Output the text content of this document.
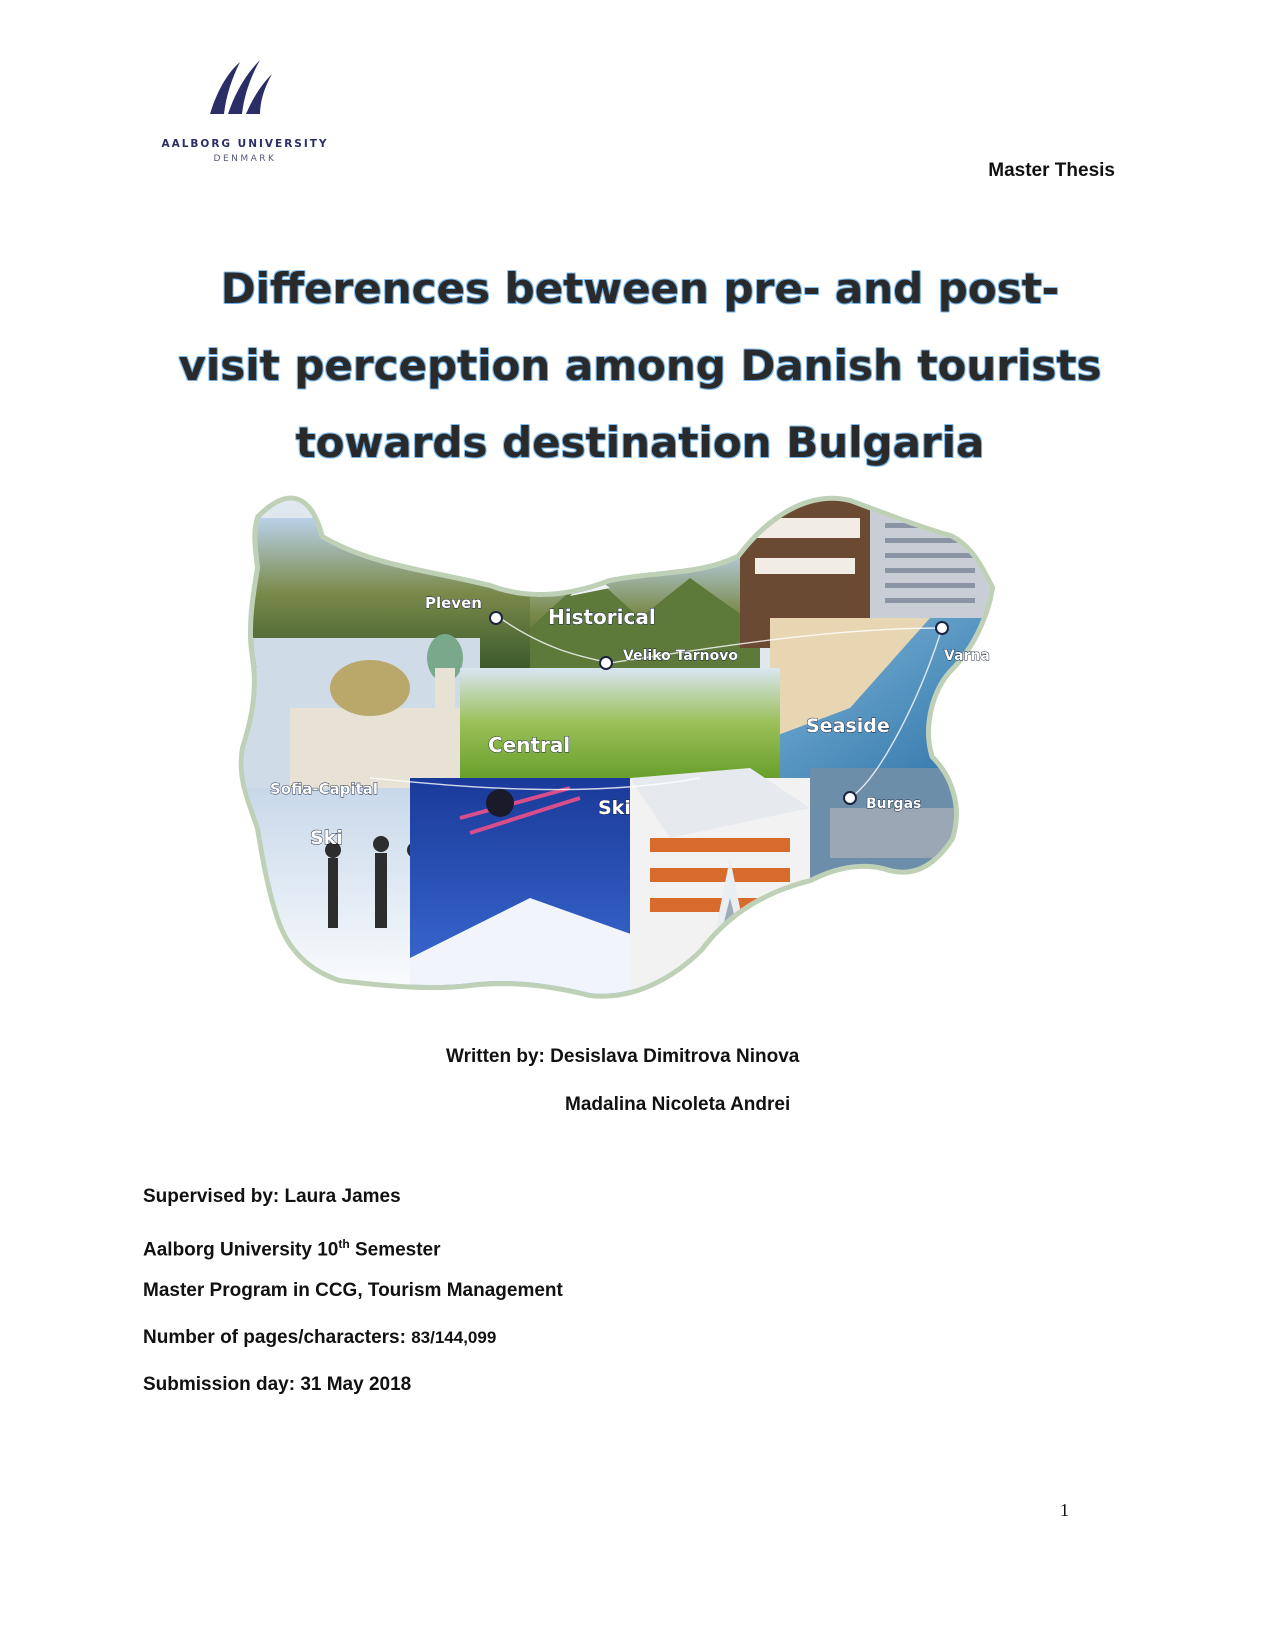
AALBORG UNIVERSITY
DENMARK
Master Thesis
Differences between pre- and post-
visit perception among Danish tourists
towards destination Bulgaria
Pleven
Historical
Veliko Tarnovo	Varna
Seaside
Central
Sofia-Capital
Burgas
Ski
Ski
Written by: Desislava Dimitrova Ninova
Madalina Nicoleta Andrei
Supervised by: Laura James
Aalborg University 10th Semester
Master Program in CCG, Tourism Management
Number of pages/characters: 83/144,099
Submission day: 31 May 2018
1
